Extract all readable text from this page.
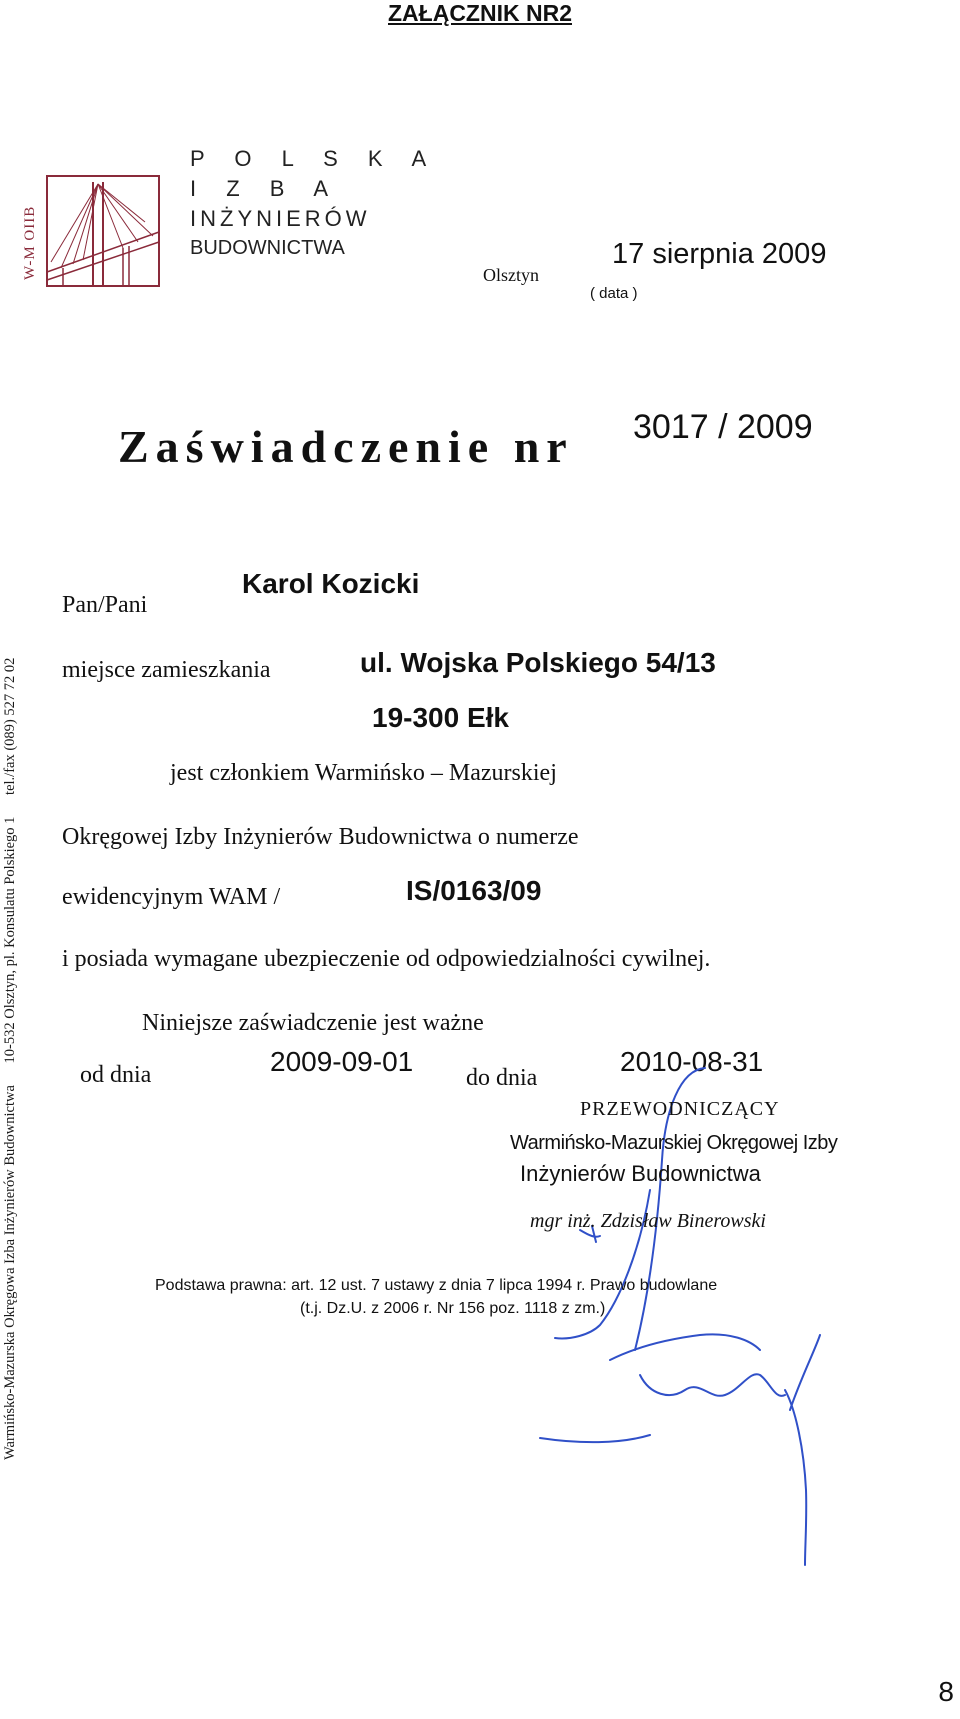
ZAŁĄCZNIK NR2
Warmińsko-Mazurska Okręgowa Izba Inżynierów Budownictwa 10-532 Olsztyn, pl. Konsulatu Polskiego 1 tel./fax (089) 527 72 02
W-M OIIB
P O L S K A
I Z B A
INŻYNIERÓW
BUDOWNICTWA
Olsztyn
17 sierpnia 2009
( data )
Zaświadczenie nr 3017 / 2009
Pan/Pani
Karol Kozicki
miejsce zamieszkania	ul. Wojska Polskiego 54/13
19-300 Ełk
jest członkiem Warmińsko – Mazurskiej
Okręgowej Izby Inżynierów Budownictwa o numerze
ewidencyjnym WAM /	IS/0163/09
i posiada wymagane ubezpieczenie od odpowiedzialności cywilnej.
Niniejsze zaświadczenie jest ważne
od dnia	2009-09-01
do dnia
2010-08-31
PRZEWODNICZĄCY
Warmińsko-Mazurskiej Okręgowej Izby
Inżynierów Budownictwa
mgr inż. Zdzisław Binerowski
Podstawa prawna: art. 12 ust. 7 ustawy z dnia 7 lipca 1994 r. Prawo budowlane
(t.j. Dz.U. z 2006 r. Nr 156 poz. 1118 z zm.)
8
